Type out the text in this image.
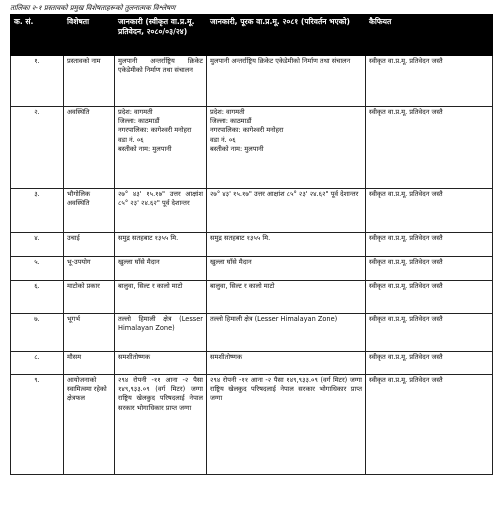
तालिका २-१ प्रस्तावको प्रमुख विशेषताहरूको तुलनात्मक विश्लेषण
क. सं.	विशेषता	जानकारी (स्वीकृत वा.प्र.मू. प्रतिवेदन, २०८०/०३/२४)	जानकारी, पूरक वा.प्र.मू. २०८१ (परिवर्तन भएको)	कैफियत
१.	प्रस्तावको नाम	मुलपानी अन्तर्राष्ट्रिय क्रिकेट एकेडेमीको निर्माण तथा संचालन	मुलपानी अन्तर्राष्ट्रिय क्रिकेट एकेडेमीको निर्माण तथा संचालन	स्वीकृत वा.प्र.मू. प्रतिवेदन जस्तै
२.	अवस्थिति	प्रदेश: वागमती
जिल्ला: काठमाडौं
नगरपालिका: कागेश्वरी मनोहरा
वडा नं. ०६
बस्तीको नाम: मुलपानी	प्रदेश: वागमती
जिल्ला: काठमाडौं
नगरपालिका: कागेश्वरी मनोहरा
वडा नं. ०६
बस्तीको नाम: मुलपानी	स्वीकृत वा.प्र.मू. प्रतिवेदन जस्तै
३.	भौगोलिक अवस्थिति	२७° ४३' १५.१७" उत्तर आक्षांश ८५° २३' २४.६२" पूर्व देशान्तर	२७° ४३' १५.१७" उत्तर आक्षांश ८५° २३' २४.६२" पूर्व देशान्तर	स्वीकृत वा.प्र.मू. प्रतिवेदन जस्तै
४.	उचाई	समुद्र सतहबाट १३५५ मि.	समुद्र सतहबाट १३५५ मि.	स्वीकृत वा.प्र.मू. प्रतिवेदन जस्तै
५.	भू-उपयोग	खुल्ला घाँसे मैदान	खुल्ला घाँसे मैदान	स्वीकृत वा.प्र.मू. प्रतिवेदन जस्तै
६.	माटोको प्रकार	बालुवा, सिल्ट र कालो माटो	बालुवा, सिल्ट र कालो माटो	स्वीकृत वा.प्र.मू. प्रतिवेदन जस्तै
७.	भूगर्भ	तल्लो हिमाली क्षेत्र (Lesser Himalayan Zone)	तल्लो हिमाली क्षेत्र (Lesser Himalayan Zone)	स्वीकृत वा.प्र.मू. प्रतिवेदन जस्तै
८.	मौसम	समशीतोष्णक	समशीतोष्णक	स्वीकृत वा.प्र.मू. प्रतिवेदन जस्तै
९.	आयोजनाको स्वामित्वमा रहेको क्षेत्रफल	२९४ रोपनी -११ आना -२ पैसा १४९,९३३.०९ (वर्ग मिटर) जग्गा राष्ट्रिय खेलकुद परिषदलाई नेपाल सरकार भोगाधिकार प्राप्त जग्गा	२९४ रोपनी -११ आना -२ पैसा १४९,९३३.०९ (वर्ग मिटर) जग्गा राष्ट्रिय खेलकुद परिषदलाई नेपाल सरकार भोगाधिकार प्राप्त जग्गा	स्वीकृत वा.प्र.मू. प्रतिवेदन जस्तै
